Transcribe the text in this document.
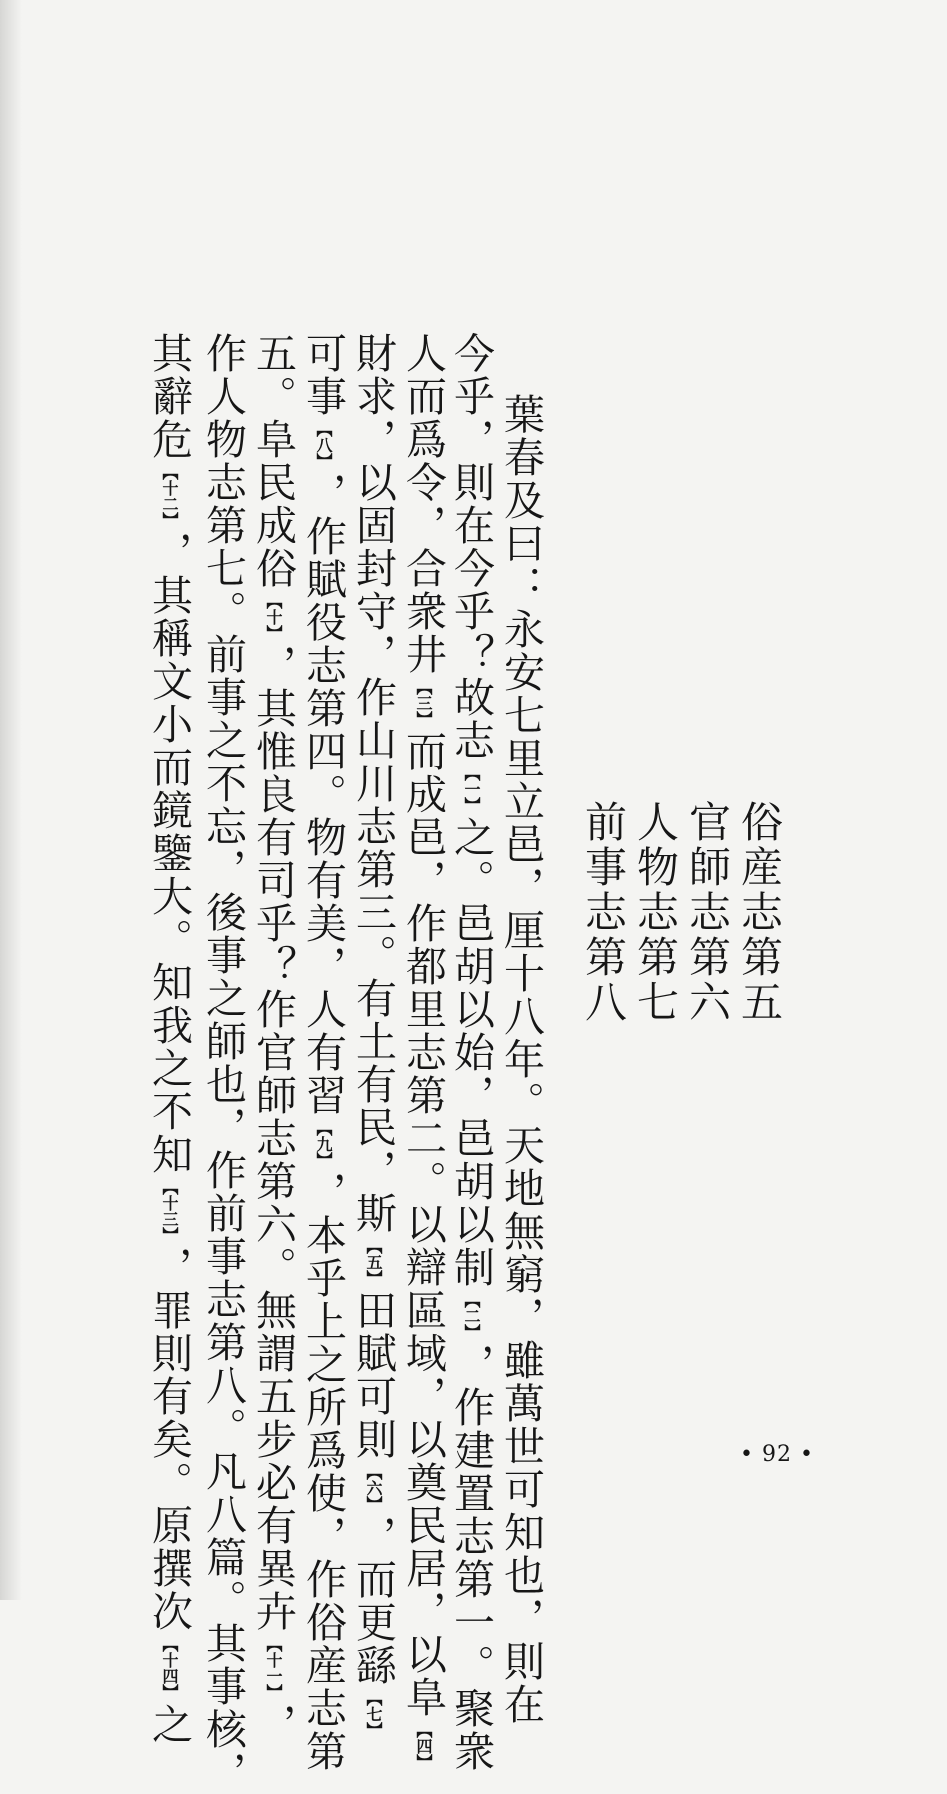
俗産志第五
官師志第六
人物志第七
前事志第八
葉春及曰：永安七里立邑，厘十八年。天地無窮，雖萬世可知也，則在
今乎，則在今乎？故志【一】之。邑胡以始，邑胡以制【二】，作建置志第一。聚衆
人而爲令，合衆井【三】而成邑，作都里志第二。以辯區域，以奠民居，以阜【四】
財求，以固封守，作山川志第三。有土有民，斯【五】田賦可則【六】，而更繇【七】
可事【八】，作賦役志第四。物有美，人有習【九】，本乎上之所爲使，作俗産志第
五。阜民成俗【十】，其惟良有司乎？作官師志第六。無謂五步必有異卉【十一】，
作人物志第七。前事之不忘，後事之師也，作前事志第八。凡八篇。其事核，
其辭危【十二】，其稱文小而鏡鑒大。知我之不知【十三】，罪則有矣。原撰次【十四】之
• 92 •
